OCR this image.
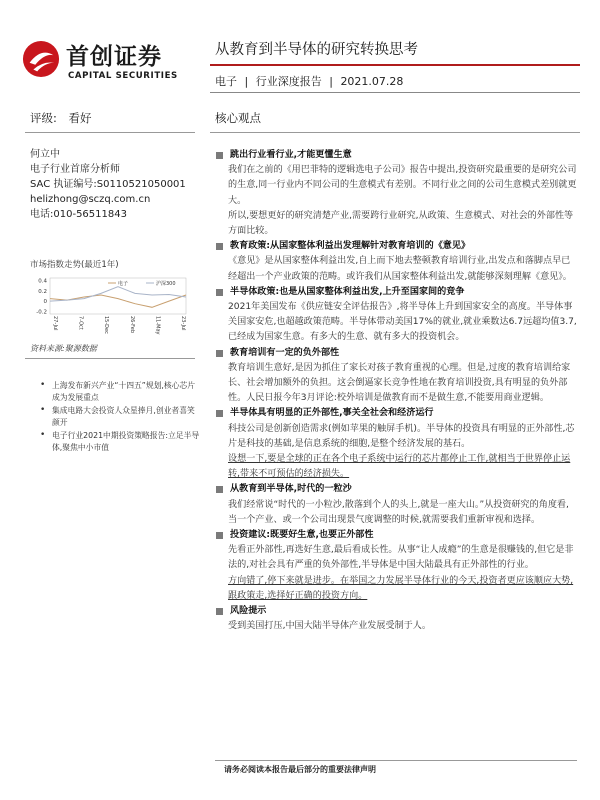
首创证券
CAPITAL SECURITIES
从教育到半导体的研究转换思考
电子 | 行业深度报告 | 2021.07.28
评级: 看好
何立中
电子行业首席分析师
SAC 执证编号:S0110521050001
helizhong@sczq.com.cn
电话:010-56511843
市场指数走势(最近1年)
0.4
0.2
0
-0.2
27-Jul	7-Oct	15-Dec	26-Feb	11-May	23-Jul
电子	沪深300
资料来源:聚源数据
• 上海发布新兴产业“十四五”规划,核心芯片成为发展重点
• 集成电路大会投资人众星捧月,创业者喜笑颜开
• 电子行业2021中期投资策略报告:立足半导体,聚焦中小市值
核心观点
跳出行业看行业,才能更懂生意
我们在之前的《用巴菲特的逻辑选电子公司》报告中提出,投资研究最重要的是研究公司的生意,同一行业内不同公司的生意模式有差别。不同行业之间的公司生意模式差别就更大。
所以,要想更好的研究清楚产业,需要跨行业研究,从政策、生意模式、对社会的外部性等方面比较。
教育政策:从国家整体利益出发理解针对教育培训的《意见》
《意见》是从国家整体利益出发,自上而下地去整顿教育培训行业,出发点和落脚点早已经超出一个产业政策的范畴。或许我们从国家整体利益出发,就能够深刻理解《意见》。
半导体政策:也是从国家整体利益出发,上升至国家间的竞争
2021年美国发布《供应链安全评估报告》,将半导体上升到国家安全的高度。半导体事关国家安危,也超越政策范畴。半导体带动美国17%的就业,就业乘数达6.7远超均值3.7,已经成为国家生意。有多大的生意、就有多大的投资机会。
教育培训有一定的负外部性
教育培训生意好,是因为抓住了家长对孩子教育重视的心理。但是,过度的教育培训给家长、社会增加额外的负担。这会倒逼家长竞争性地在教育培训投资,具有明显的负外部性。人民日报今年3月评论:校外培训是做教育而不是做生意,不能要用商业逻辑。
半导体具有明显的正外部性,事关全社会和经济运行
科技公司是创新创造需求(例如苹果的触屏手机)。半导体的投资具有明显的正外部性,芯片是科技的基础,是信息系统的细胞,是整个经济发展的基石。
设想一下,要是全球的正在各个电子系统中运行的芯片都停止工作,就相当于世界停止运转,带来不可预估的经济损失。
从教育到半导体,时代的一粒沙
我们经常说“时代的一小粒沙,散落到个人的头上,就是一座大山。”从投资研究的角度看,当一个产业、或一个公司出现景气度调整的时候,就需要我们重新审视和选择。
投资建议:既要好生意,也要正外部性
先看正外部性,再选好生意,最后看成长性。从事“让人成瘾”的生意是很赚钱的,但它是非法的,对社会具有严重的负外部性,半导体是中国大陆最具有正外部性的行业。
方向错了,停下来就是进步。在举国之力发展半导体行业的今天,投资者更应该顺应大势,跟政策走,选择好正确的投资方向。
风险提示
受到美国打压,中国大陆半导体产业发展受制于人。
请务必阅读本报告最后部分的重要法律声明
